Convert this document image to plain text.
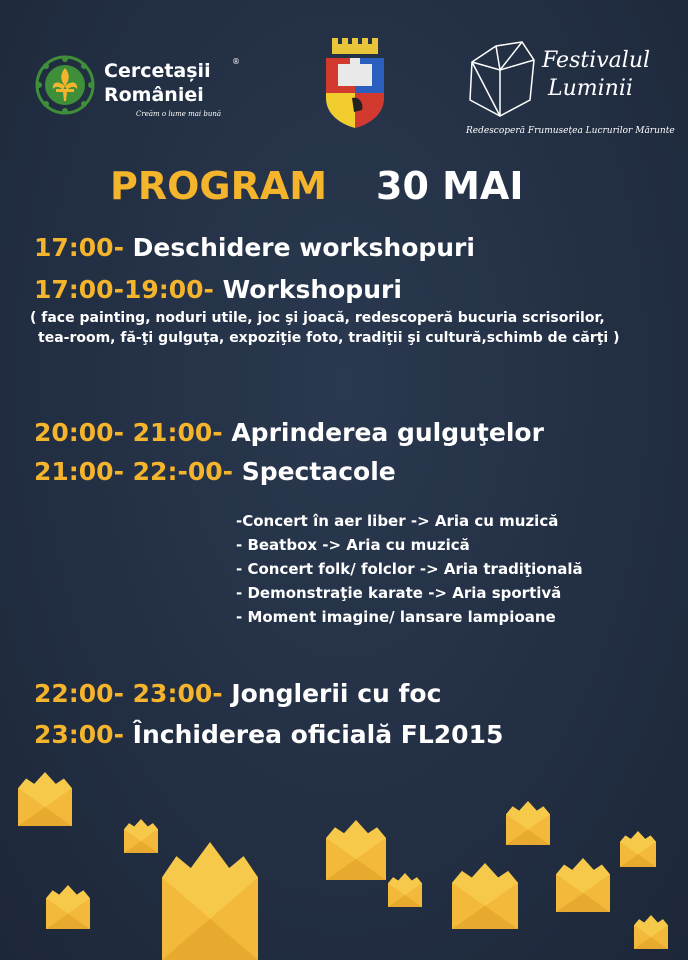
Cercetașii
României
®
Creăm o lume mai bună
Festivalul
Luminii
Redescoperă Frumusețea Lucrurilor Mărunte
PROGRAM 30 MAI
17:00- Deschidere workshopuri
17:00-19:00- Workshopuri
( face painting, noduri utile, joc şi joacă, redescoperă bucuria scrisorilor,
tea-room, fă-ţi gulguţa, expoziţie foto, tradiţii şi cultură,schimb de cărţi )
20:00- 21:00- Aprinderea gulguţelor
21:00- 22:-00- Spectacole
-Concert în aer liber -> Aria cu muzică
- Beatbox -> Aria cu muzică
- Concert folk/ folclor -> Aria tradiţională
- Demonstraţie karate -> Aria sportivă
- Moment imagine/ lansare lampioane
22:00- 23:00- Jonglerii cu foc
23:00- Închiderea oficială FL2015
